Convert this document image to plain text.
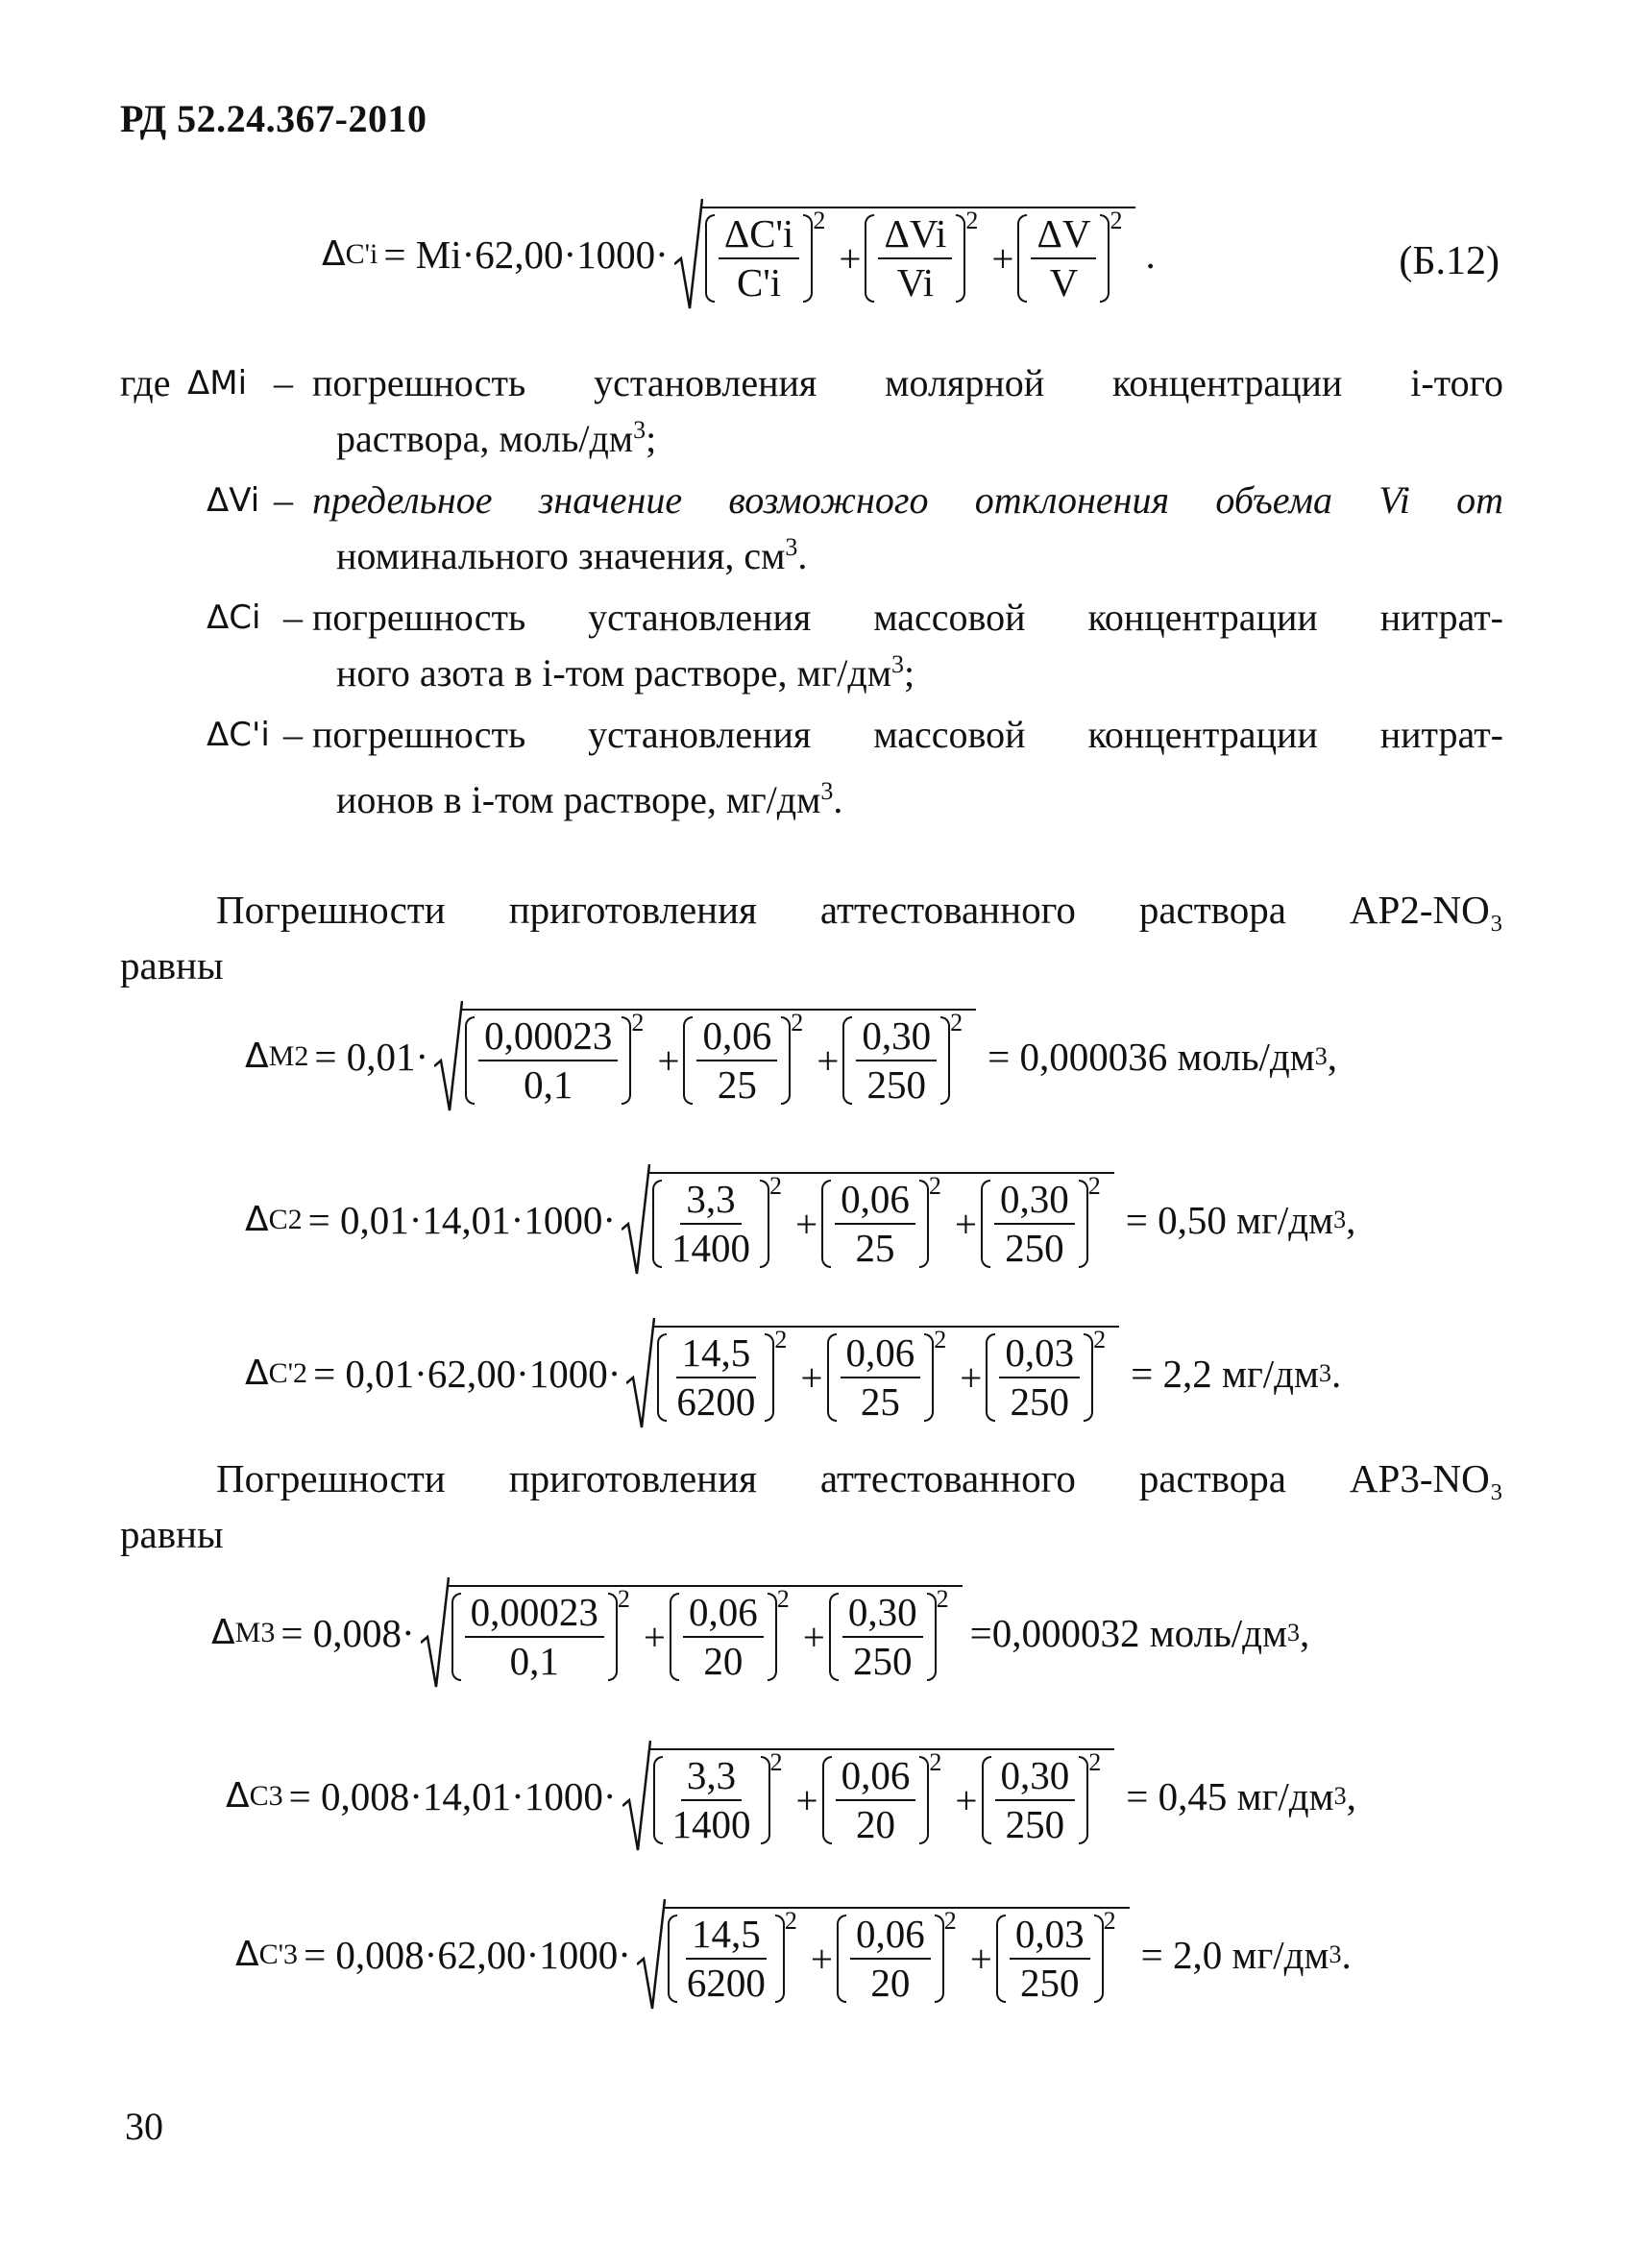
РД 52.24.367-2010
Δ $C'i = Mi\cdot 62,00\cdot 1000\cdot \frac{\Delta C'i}{C'i} 2$
+ $\frac{\text{ΔVi}}{Vi} 2$
+ $\frac{\Delta V}{V} 2$
.	(Б.12)
где ΔMi – погрешность установления молярной концентрации i-того
раствора, моль/$дм^3$;
ΔVi – предельное значение возможного отклонения объема Vi от
номинального значения, $см^3$.
ΔCi – погрешность установления массовой концентрации нитрат-
ного азота в i-том растворе, $мг/дм^3$;
ΔC'i – погрешность установления массовой концентрации нитрат-
ионов в i-том растворе, $мг/дм^3$.
Погрешности приготовления аттестованного раствора АР2-NO₃
равны
Δ $M2 = 0,01\cdot \frac{0,00023}{0,1} 2$
+ $\frac{0,06}{25} 2$
+ $\frac{0,30}{250} 2$
= 0,000036 моль/дм 3 ,
Δ $C2 = 0,01\cdot 14,01\cdot 1000\cdot \frac{3,3}{1400} 2$
+ $\frac{0,06}{25} 2$
+ $\frac{0,30}{250} 2$
= 0,50 мг/дм 3 ,
Δ $C'2 = 0,01\cdot 62,00\cdot 1000\cdot \frac{14,5}{6200} 2$
+ $\frac{0,06}{25} 2$
+ $\frac{0,03}{250} 2$
= 2,2 мг/дм 3 .
Погрешности приготовления аттестованного раствора АР3-NO₃
равны
Δ $M3 = 0,008\cdot \frac{0,00023}{0,1} 2$
+ $\frac{0,06}{20} 2$
+ $\frac{0,30}{250} 2$
=0,000032 моль/дм 3 ,
Δ $C3 = 0,008\cdot 14,01\cdot 1000\cdot \frac{3,3}{1400} 2$
+ $\frac{0,06}{20} 2$
+ $\frac{0,30}{250} 2$
= 0,45 мг/дм 3 ,
Δ $C'3 = 0,008\cdot 62,00\cdot 1000\cdot \frac{14,5}{6200} 2$
+ $\frac{0,06}{20} 2$
+ $\frac{0,03}{250} 2$
= 2,0 мг/дм 3 .
30
